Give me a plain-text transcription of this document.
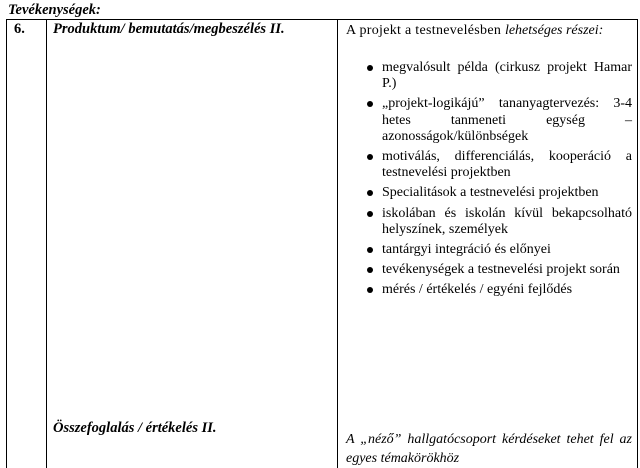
Tevékenységek:
6. Produktum/ bemutatás/megbeszélés II.
Összefoglalás / értékelés II.
A projekt a testnevelésben lehetséges részei:
megvalósult példa (cirkusz projekt Hamar P.)
„projekt-logikájú” tananyagtervezés: 3-4 hetes tanmeneti egység – azonosságok/különbségek
motiválás, differenciálás, kooperáció a testnevelési projektben
Specialitások a testnevelési projektben
iskolában és iskolán kívül bekapcsolható helyszínek, személyek
tantárgyi integráció és előnyei
tevékenységek a testnevelési projekt során
mérés / értékelés / egyéni fejlődés
A „néző” hallgatócsoport kérdéseket tehet fel az egyes témakörökhöz
